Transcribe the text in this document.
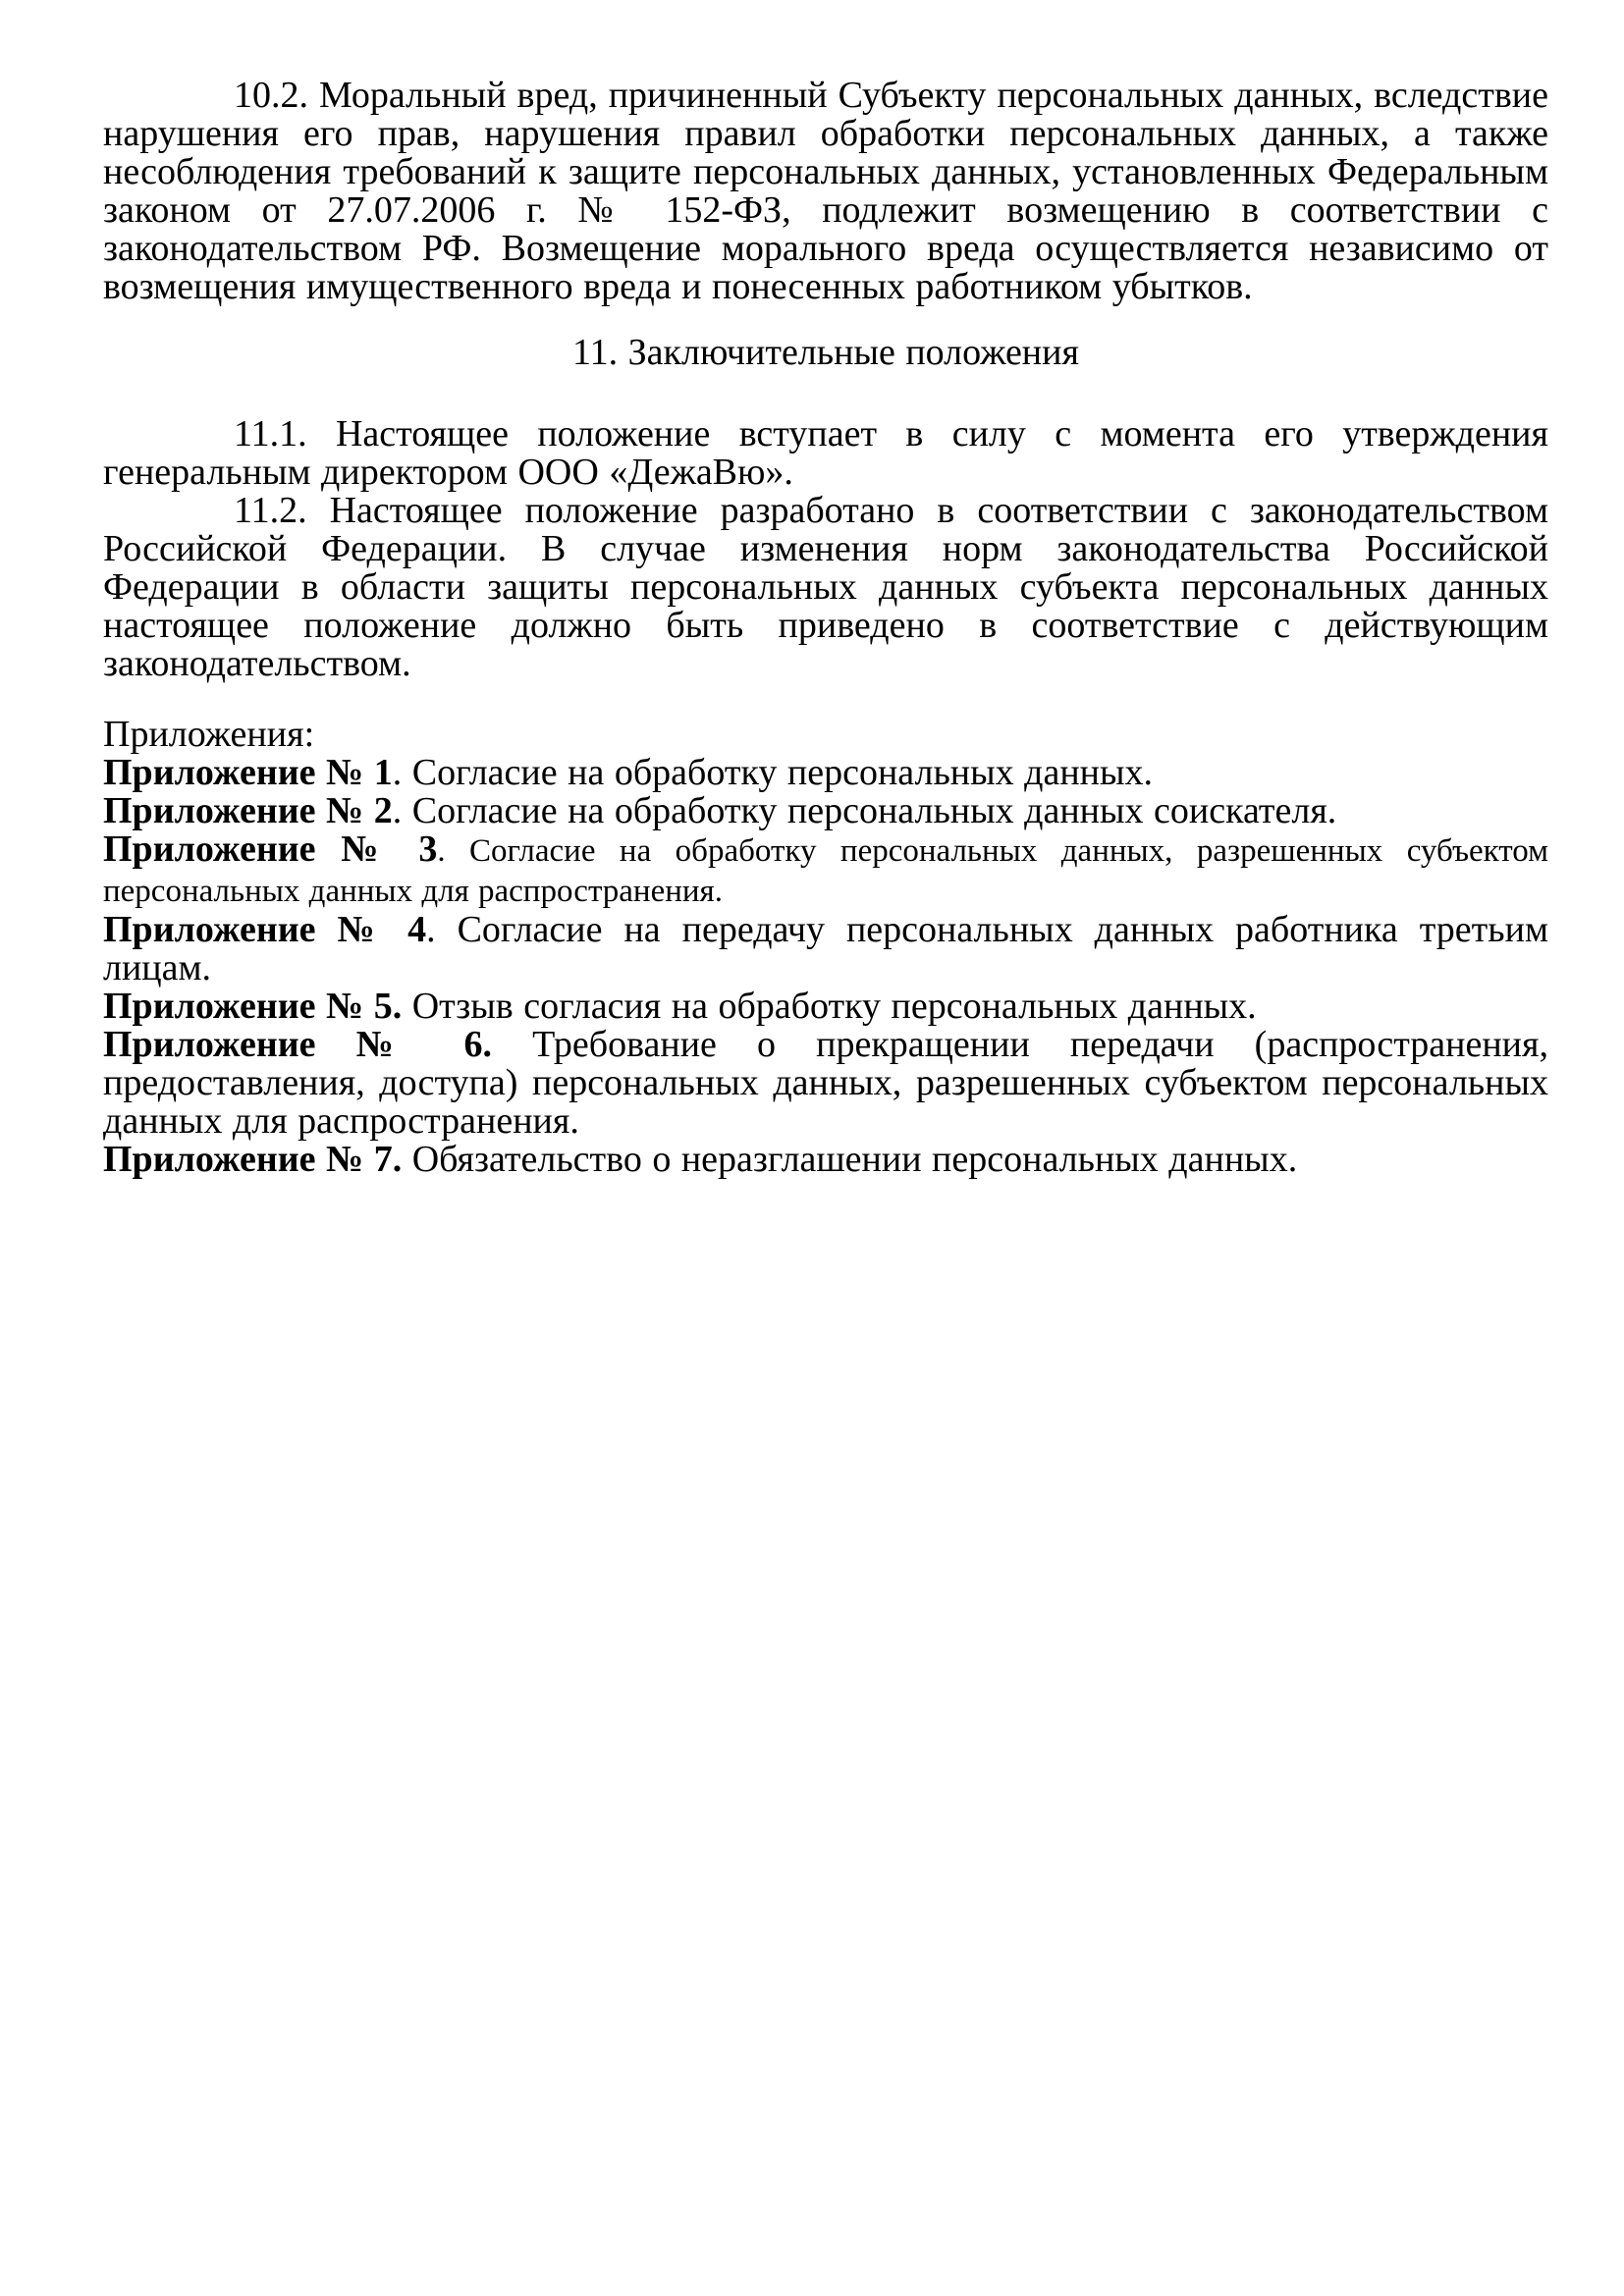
10.2. Моральный вред, причиненный Субъекту персональных данных, вследствие нарушения его прав, нарушения правил обработки персональных данных, а также несоблюдения требований к защите персональных данных, установленных Федеральным законом от 27.07.2006 г. № 152-ФЗ, подлежит возмещению в соответствии с законодательством РФ. Возмещение морального вреда осуществляется независимо от возмещения имущественного вреда и понесенных работником убытков.

11. Заключительные положения

11.1. Настоящее положение вступает в силу с момента его утверждения генеральным директором ООО «ДежаВю».

11.2. Настоящее положение разработано в соответствии с законодательством Российской Федерации. В случае изменения норм законодательства Российской Федерации в области защиты персональных данных субъекта персональных данных настоящее положение должно быть приведено в соответствие с действующим законодательством.

Приложения:

Приложение № 1. Согласие на обработку персональных данных.

Приложение № 2. Согласие на обработку персональных данных соискателя.

Приложение № 3. Согласие на обработку персональных данных, разрешенных субъектом персональных данных для распространения.

Приложение № 4. Согласие на передачу персональных данных работника третьим лицам.

Приложение № 5. Отзыв согласия на обработку персональных данных.

Приложение № 6. Требование о прекращении передачи (распространения, предоставления, доступа) персональных данных, разрешенных субъектом персональных данных для распространения.

Приложение № 7. Обязательство о неразглашении персональных данных.
